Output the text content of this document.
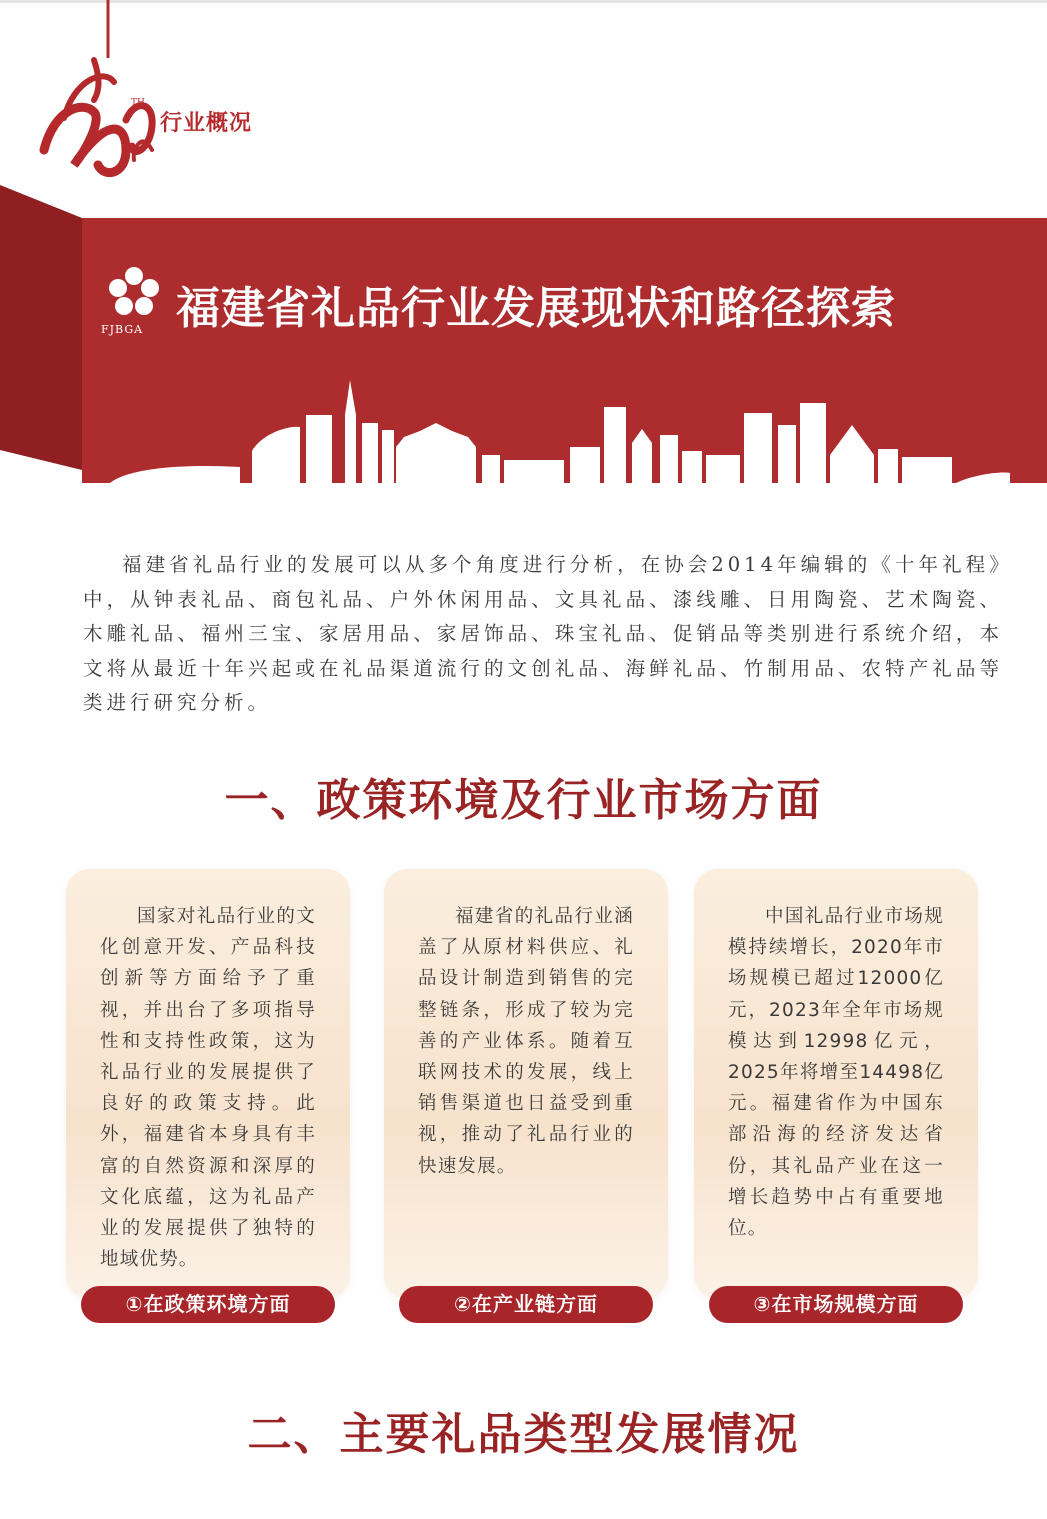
TH
行业概况
FJBGA 福建省礼品行业发展现状和路径探索

福建省礼品行业的发展可以从多个角度进行分析，在协会2014年编辑的《十年礼程》中，从钟表礼品、商包礼品、户外休闲用品、文具礼品、漆线雕、日用陶瓷、艺术陶瓷、木雕礼品、福州三宝、家居用品、家居饰品、珠宝礼品、促销品等类别进行系统介绍，本文将从最近十年兴起或在礼品渠道流行的文创礼品、海鲜礼品、竹制用品、农特产礼品等类进行研究分析。

一、政策环境及行业市场方面

国家对礼品行业的文化创意开发、产品科技创新等方面给予了重视，并出台了多项指导性和支持性政策，这为礼品行业的发展提供了良好的政策支持。此外，福建省本身具有丰富的自然资源和深厚的文化底蕴，这为礼品产业的发展提供了独特的地域优势。

①在政策环境方面

福建省的礼品行业涵盖了从原材料供应、礼品设计制造到销售的完整链条，形成了较为完善的产业体系。随着互联网技术的发展，线上销售渠道也日益受到重视，推动了礼品行业的快速发展。

②在产业链方面

中国礼品行业市场规模持续增长，2020年市场规模已超过12000亿元，2023年全年市场规模达到12998亿元，2025年将增至14498亿元。福建省作为中国东部沿海的经济发达省份，其礼品产业在这一增长趋势中占有重要地位。

③在市场规模方面
二、主要礼品类型发展情况
